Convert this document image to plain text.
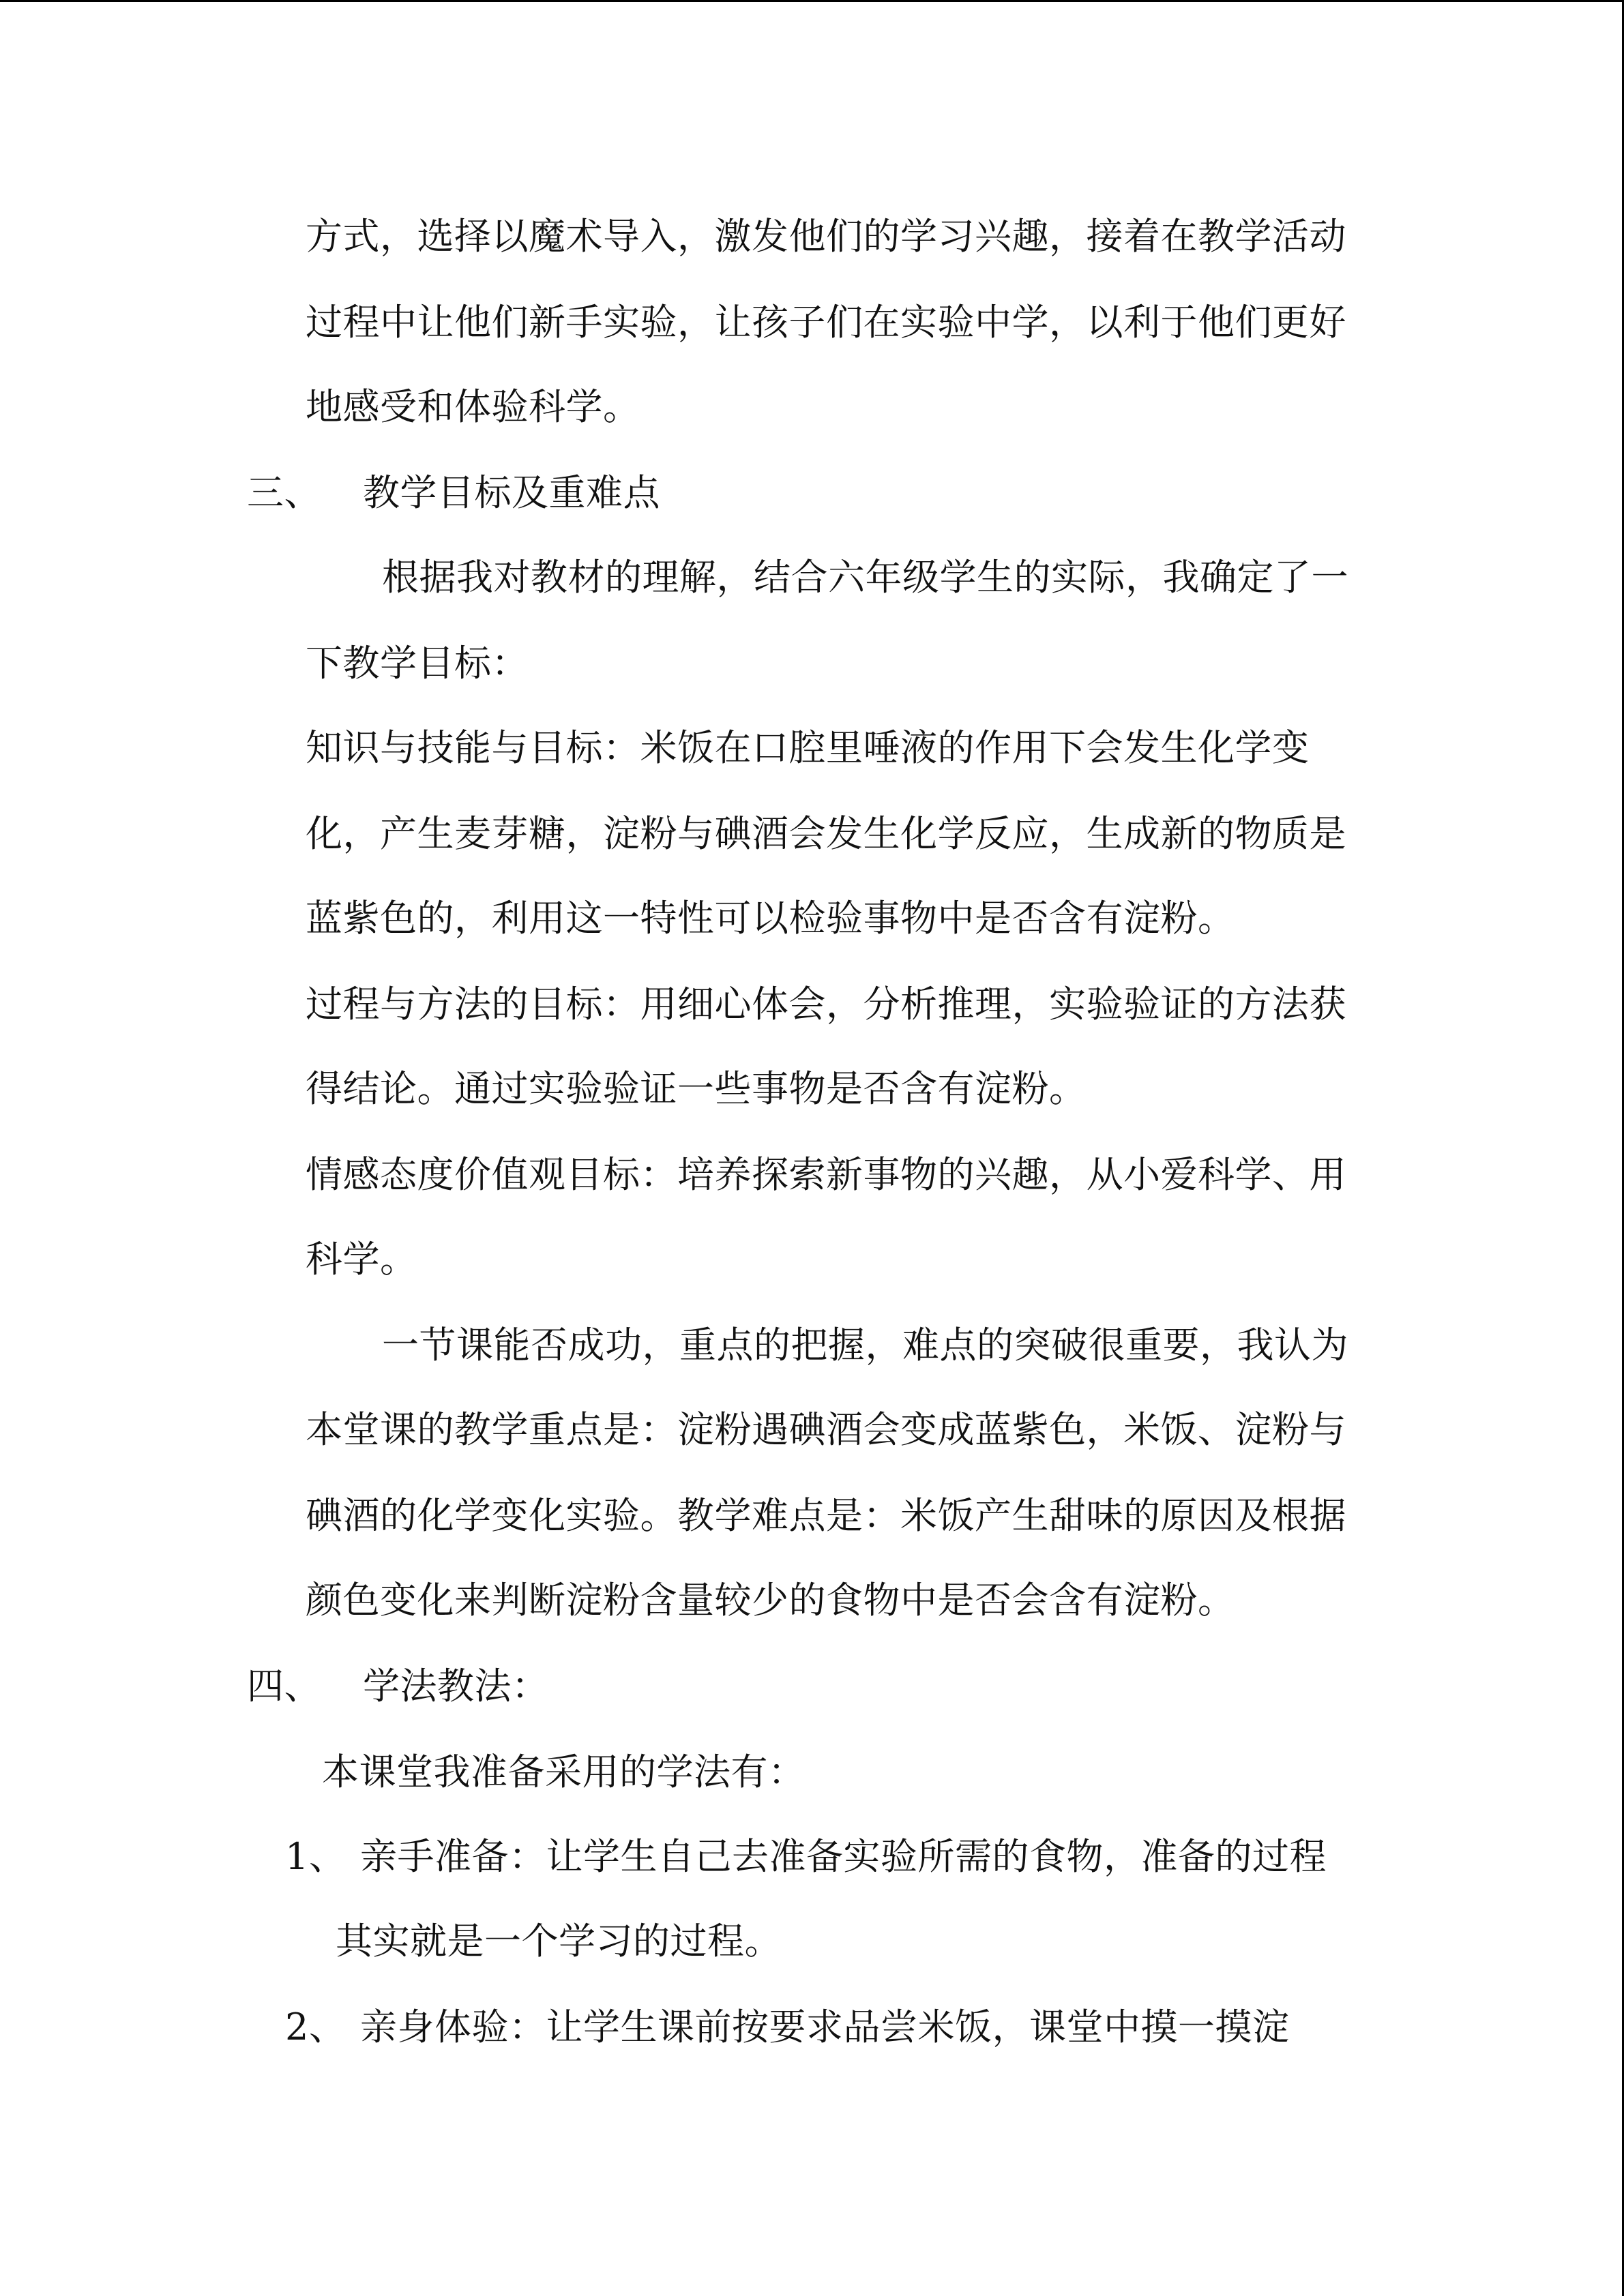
方式，选择以魔术导入，激发他们的学习兴趣，接着在教学活动
过程中让他们新手实验，让孩子们在实验中学，以利于他们更好
地感受和体验科学。
三、 教学目标及重难点
根据我对教材的理解，结合六年级学生的实际，我确定了一
下教学目标：
知识与技能与目标：米饭在口腔里唾液的作用下会发生化学变
化，产生麦芽糖，淀粉与碘酒会发生化学反应，生成新的物质是
蓝紫色的，利用这一特性可以检验事物中是否含有淀粉。
过程与方法的目标：用细心体会，分析推理，实验验证的方法获
得结论。通过实验验证一些事物是否含有淀粉。
情感态度价值观目标：培养探索新事物的兴趣，从小爱科学、用
科学。
一节课能否成功，重点的把握，难点的突破很重要，我认为
本堂课的教学重点是：淀粉遇碘酒会变成蓝紫色，米饭、淀粉与
碘酒的化学变化实验。教学难点是：米饭产生甜味的原因及根据
颜色变化来判断淀粉含量较少的食物中是否会含有淀粉。
四、 学法教法：
本课堂我准备采用的学法有：
1、 亲手准备：让学生自己去准备实验所需的食物，准备的过程
其实就是一个学习的过程。
2、 亲身体验：让学生课前按要求品尝米饭，课堂中摸一摸淀
